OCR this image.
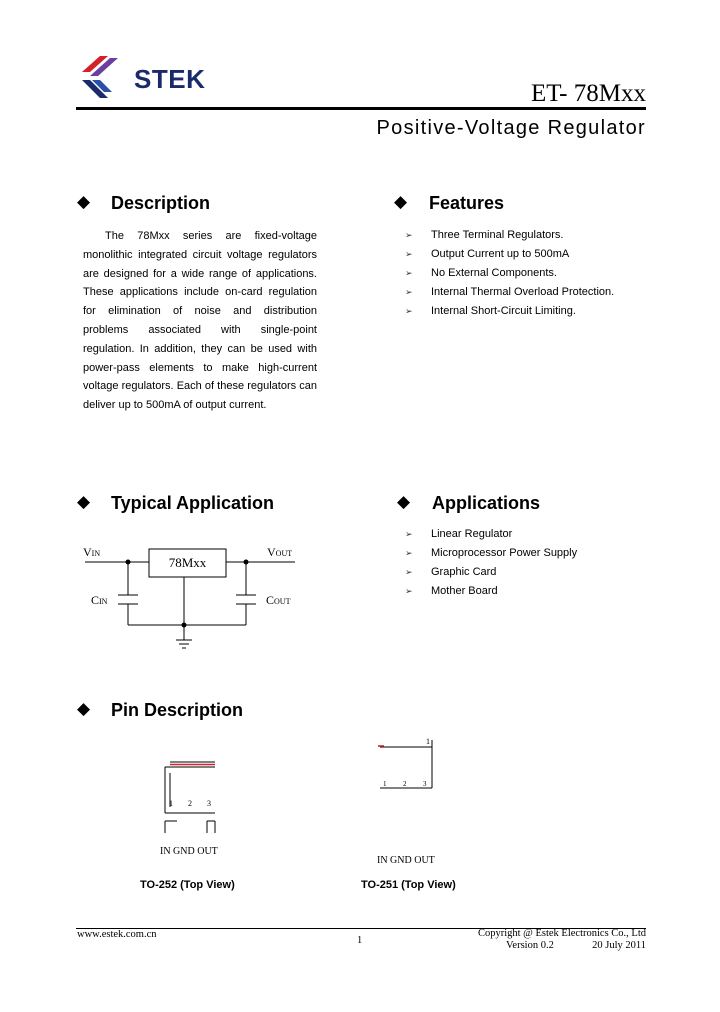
STEK	ET- 78Mxx
Positive-Voltage Regulator
◆ Description
The 78Mxx series are fixed-voltage monolithic integrated circuit voltage regulators are designed for a wide range of applications. These applications include on-card regulation for elimination of noise and distribution problems associated with single-point regulation. In addition, they can be used with power-pass elements to make high-current voltage regulators. Each of these regulators can deliver up to 500mA of output current.
◆ Features
➢ Three Terminal Regulators.
➢ Output Current up to 500mA
➢ No External Components.
➢ Internal Thermal Overload Protection.
➢ Internal Short-Circuit Limiting.
◆ Typical Application
78Mxx
VIN	VOUT
CIN	COUT
◆ Applications
➢ Linear Regulator
➢ Microprocessor Power Supply
➢ Graphic Card
➢ Mother Board
◆ Pin Description
1 2 3
IN GND OUT
TO-252 (Top View)
1
1 2 3
IN GND OUT
TO-251 (Top View)
www.estek.com.cn
1
Copyright @ Estek Electronics Co., Ltd
Version 0.2	20 July 2011
